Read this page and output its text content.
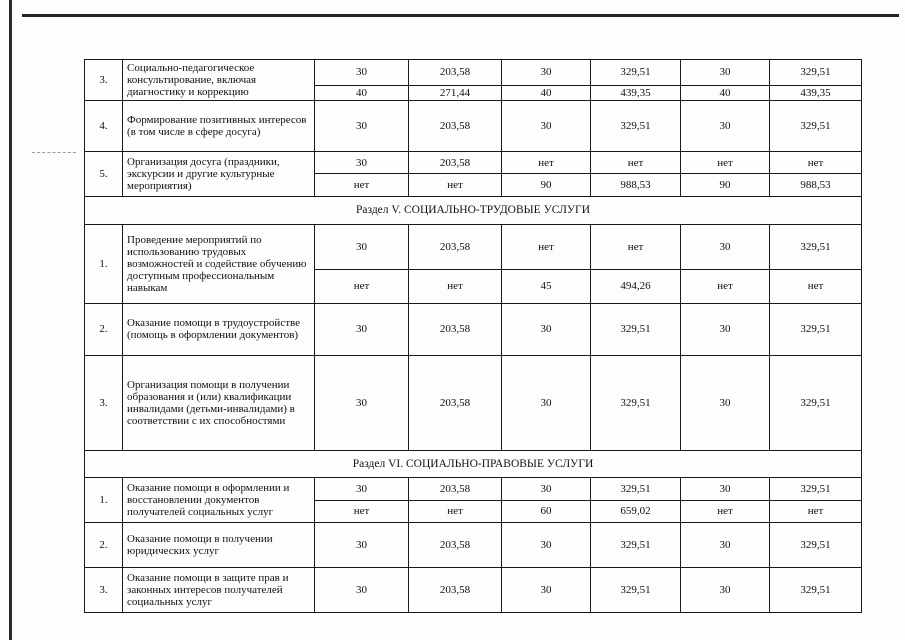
3.	Социально-педагогическое консультирование, включая диагностику и коррекцию	30	203,58	30	329,51	30	329,51
		40	271,44	40	439,35	40	439,35
4.	Формирование позитивных интересов (в том числе в сфере досуга)	30	203,58	30	329,51	30	329,51
5.	Организация досуга (праздники, экскурсии и другие культурные мероприятия)	30	203,58	нет	нет	нет	нет
		нет	нет	90	988,53	90	988,53
Раздел V. СОЦИАЛЬНО-ТРУДОВЫЕ УСЛУГИ							
1.	Проведение мероприятий по использованию трудовых возможностей и содействие обучению доступным профессиональным навыкам	30	203,58	нет	нет	30	329,51
		нет	нет	45	494,26	нет	нет
2.	Оказание помощи в трудоустройстве (помощь в оформлении документов)	30	203,58	30	329,51	30	329,51
3.	Организация помощи в получении образования и (или) квалификации инвалидами (детьми-инвалидами) в соответствии с их способностями	30	203,58	30	329,51	30	329,51
Раздел VI. СОЦИАЛЬНО-ПРАВОВЫЕ УСЛУГИ							
1.	Оказание помощи в оформлении и восстановлении документов получателей социальных услуг	30	203,58	30	329,51	30	329,51
		нет	нет	60	659,02	нет	нет
2.	Оказание помощи в получении юридических услуг	30	203,58	30	329,51	30	329,51
3.	Оказание помощи в защите прав и законных интересов получателей социальных услуг	30	203,58	30	329,51	30	329,51
